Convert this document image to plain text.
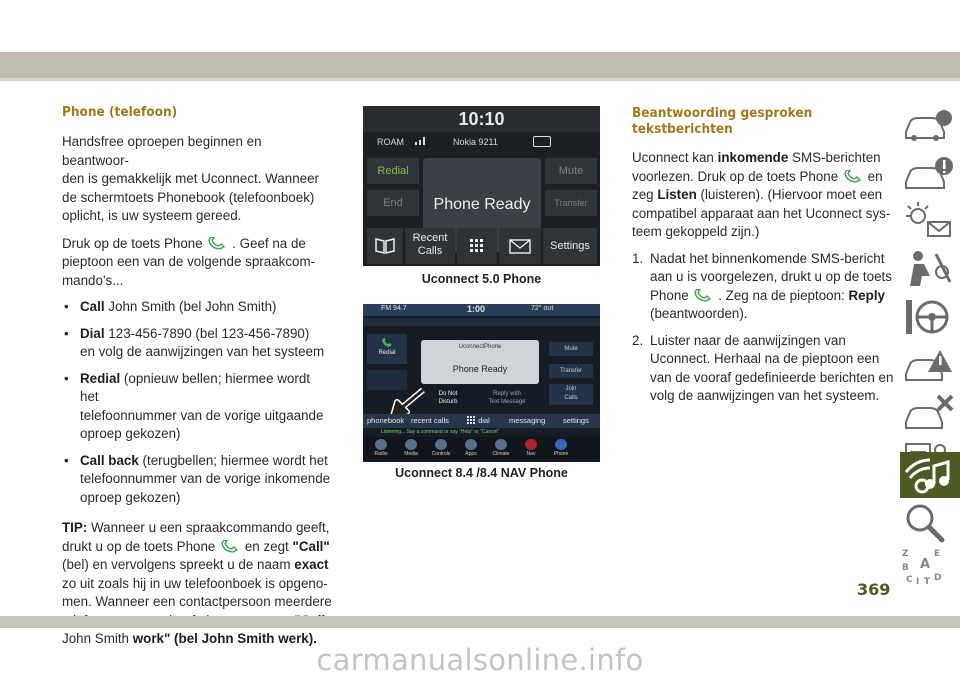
Phone (telefoon)

Handsfree oproepen beginnen en beantwoor-
den is gemakkelijk met Uconnect. Wanneer
de schermtoets Phonebook (telefoonboek)
oplicht, is uw systeem gereed.

Druk op de toets Phone . Geef na de
pieptoon een van de volgende spraakcom-
mando's...

• Call John Smith (bel John Smith)
• Dial 123-456-7890 (bel 123-456-7890)
en volg de aanwijzingen van het systeem
• Redial (opnieuw bellen; hiermee wordt het
telefoonnummer van de vorige uitgaande
oproep gekozen)
• Call back (terugbellen; hiermee wordt het
telefoonnummer van de vorige inkomende
oproep gekozen)

TIP: Wanneer u een spraakcommando geeft,
drukt u op de toets Phone en zegt "Call"
(bel) en vervolgens spreekt u de naam exact
zo uit zoals hij in uw telefoonboek is opgeno-
men. Wanneer een contactpersoon meerdere

John Smith work" (bel John Smith werk).

10:10
ROAM	Nokia 9211
Redial
End	Phone Ready
Mute
Transfer
Recent
Calls	Settings
Uconnect 5.0 Phone
FM 94.7	1:00	72° out

Redial
UconnectPhone
Phone Ready
Mute
Transfer
Join
Calls
Do Not
Disturb
Reply with
Text Message
phonebook recent calls	dial	messaging settings
Listening... Say a command or say "Help" or "Cancel"
Radio	Media	Controls	Apps	Climate	Nav	Phone
Uconnect 8.4 /8.4 NAV Phone
Beantwoording gesproken tekstberichten

Uconnect kan inkomende SMS-berichten
voorlezen. Druk op de toets Phone en
zeg Listen (luisteren). (Hiervoor moet een
compatibel apparaat aan het Uconnect sys-
teem gekoppeld zijn.)

1. Nadat het binnenkomende SMS-bericht
aan u is voorgelezen, drukt u op de toets
Phone . Zeg na de pieptoon: Reply
(beantwoorden).
2. Luister naar de aanwijzingen van
Uconnect. Herhaal na de pieptoon een
van de vooraf gedefinieerde berichten en
volg de aanwijzingen van het systeem.
Z	E
A
B
C D
I T
369
carmanualsonline.info
